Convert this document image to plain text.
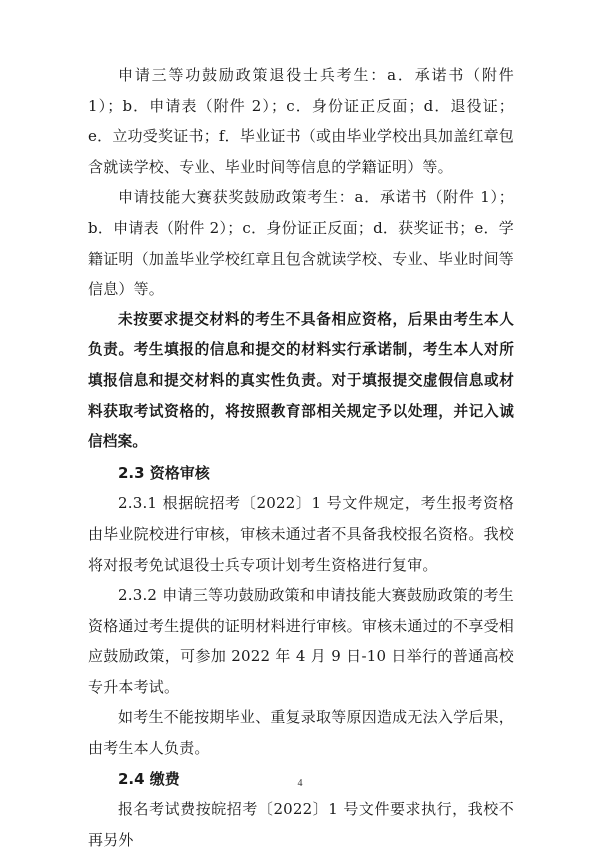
申请三等功鼓励政策退役士兵考生：a．承诺书（附件 1）；b．申请表（附件 2）；c．身份证正反面；d．退役证；e．立功受奖证书；f．毕业证书（或由毕业学校出具加盖红章包含就读学校、专业、毕业时间等信息的学籍证明）等。

申请技能大赛获奖鼓励政策考生：a．承诺书（附件 1）；b．申请表（附件 2）；c．身份证正反面；d．获奖证书；e．学籍证明（加盖毕业学校红章且包含就读学校、专业、毕业时间等信息）等。

未按要求提交材料的考生不具备相应资格，后果由考生本人负责。考生填报的信息和提交的材料实行承诺制，考生本人对所填报信息和提交材料的真实性负责。对于填报提交虚假信息或材料获取考试资格的，将按照教育部相关规定予以处理，并记入诚信档案。

2.3 资格审核

2.3.1 根据皖招考〔2022〕1 号文件规定，考生报考资格由毕业院校进行审核，审核未通过者不具备我校报名资格。我校将对报考免试退役士兵专项计划考生资格进行复审。

2.3.2 申请三等功鼓励政策和申请技能大赛鼓励政策的考生资格通过考生提供的证明材料进行审核。审核未通过的不享受相应鼓励政策，可参加 2022 年 4 月 9 日-10 日举行的普通高校专升本考试。

如考生不能按期毕业、重复录取等原因造成无法入学后果，由考生本人负责。

2.4 缴费

报名考试费按皖招考〔2022〕1 号文件要求执行，我校不再另外

4
